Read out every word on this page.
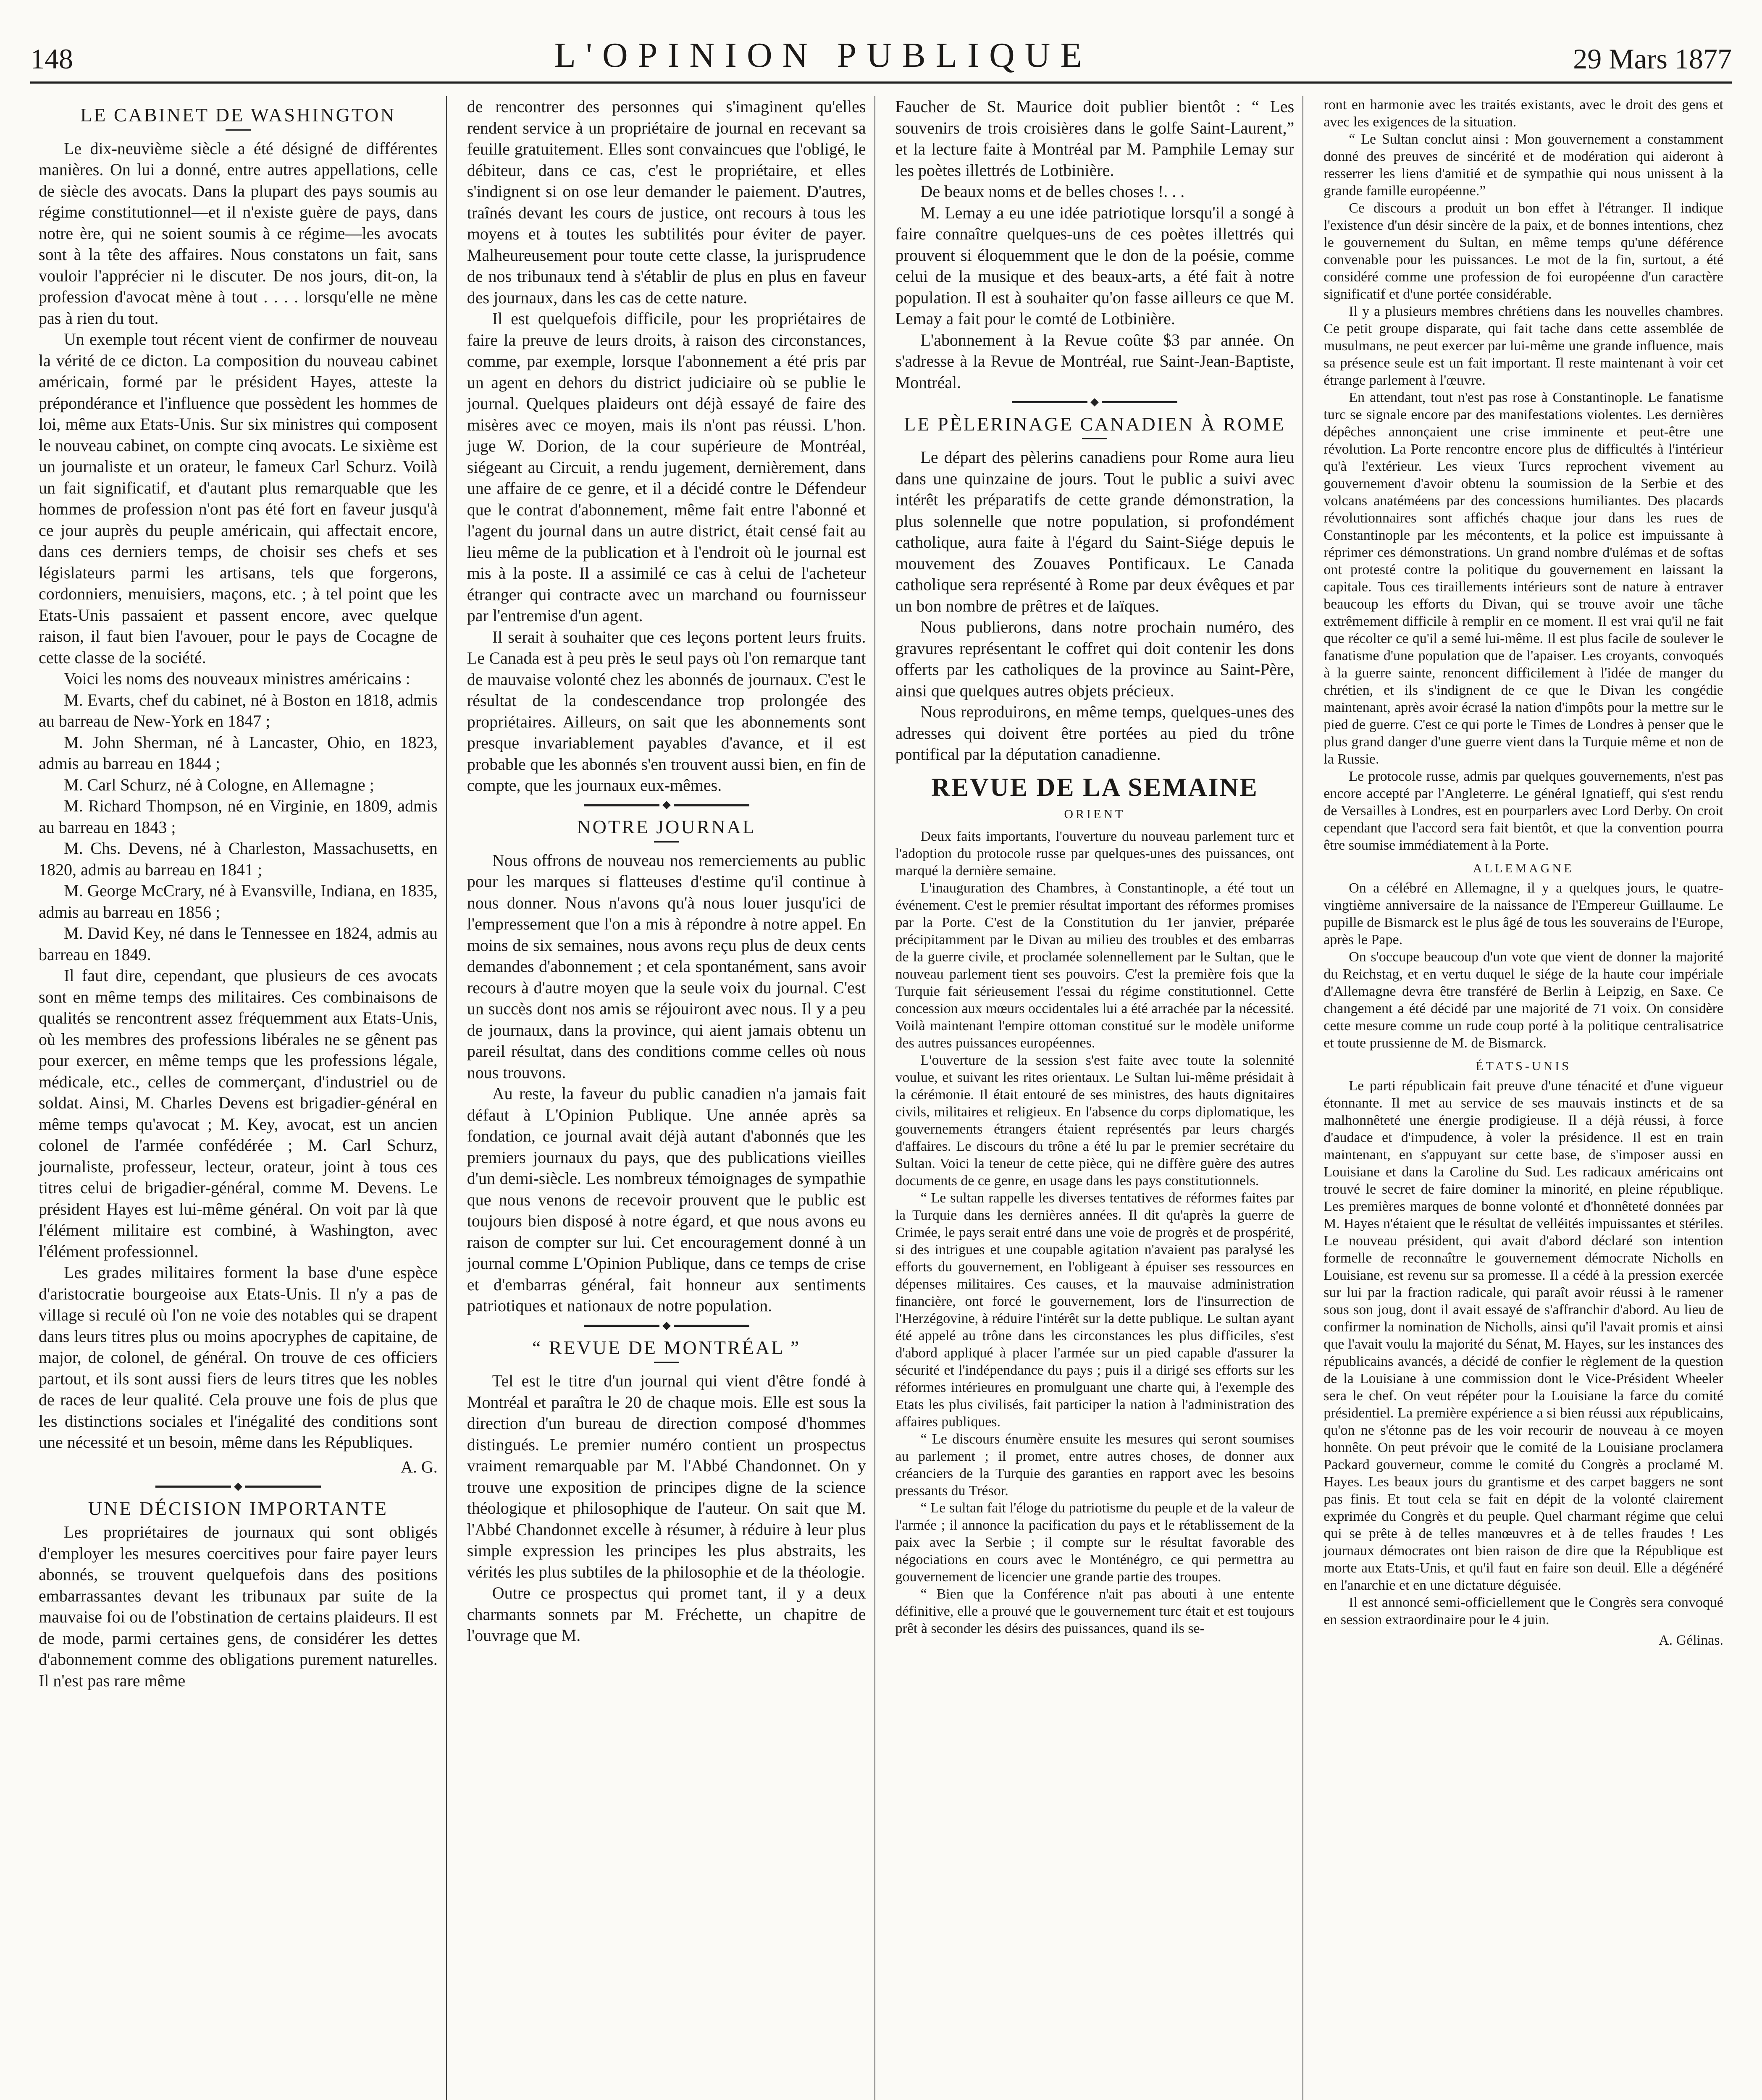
148	L'OPINION PUBLIQUE	29 Mars 1877
LE CABINET DE WASHINGTON

Le dix-neuvième siècle a été désigné de différentes manières. On lui a donné, entre autres appellations, celle de siècle des avocats. Dans la plupart des pays soumis au régime constitutionnel—et il n'existe guère de pays, dans notre ère, qui ne soient soumis à ce régime—les avocats sont à la tête des affaires. Nous constatons un fait, sans vouloir l'apprécier ni le discuter. De nos jours, dit-on, la profession d'avocat mène à tout . . . . lorsqu'elle ne mène pas à rien du tout.

Un exemple tout récent vient de confirmer de nouveau la vérité de ce dicton. La composition du nouveau cabinet américain, formé par le président Hayes, atteste la prépondérance et l'influence que possèdent les hommes de loi, même aux Etats-Unis. Sur six ministres qui composent le nouveau cabinet, on compte cinq avocats. Le sixième est un journaliste et un orateur, le fameux Carl Schurz. Voilà un fait significatif, et d'autant plus remarquable que les hommes de profession n'ont pas été fort en faveur jusqu'à ce jour auprès du peuple américain, qui affectait encore, dans ces derniers temps, de choisir ses chefs et ses législateurs parmi les artisans, tels que forgerons, cordonniers, menuisiers, maçons, etc. ; à tel point que les Etats-Unis passaient et passent encore, avec quelque raison, il faut bien l'avouer, pour le pays de Cocagne de cette classe de la société.

Voici les noms des nouveaux ministres américains :

M. Evarts, chef du cabinet, né à Boston en 1818, admis au barreau de New-York en 1847 ;

M. John Sherman, né à Lancaster, Ohio, en 1823, admis au barreau en 1844 ;

M. Carl Schurz, né à Cologne, en Allemagne ;

M. Richard Thompson, né en Virginie, en 1809, admis au barreau en 1843 ;

M. Chs. Devens, né à Charleston, Massachusetts, en 1820, admis au barreau en 1841 ;

M. George McCrary, né à Evansville, Indiana, en 1835, admis au barreau en 1856 ;

M. David Key, né dans le Tennessee en 1824, admis au barreau en 1849.

Il faut dire, cependant, que plusieurs de ces avocats sont en même temps des militaires. Ces combinaisons de qualités se rencontrent assez fréquemment aux Etats-Unis, où les membres des professions libérales ne se gênent pas pour exercer, en même temps que les professions légale, médicale, etc., celles de commerçant, d'industriel ou de soldat. Ainsi, M. Charles Devens est brigadier-général en même temps qu'avocat ; M. Key, avocat, est un ancien colonel de l'armée confédérée ; M. Carl Schurz, journaliste, professeur, lecteur, orateur, joint à tous ces titres celui de brigadier-général, comme M. Devens. Le président Hayes est lui-même général. On voit par là que l'élément militaire est combiné, à Washington, avec l'élément professionnel.

Les grades militaires forment la base d'une espèce d'aristocratie bourgeoise aux Etats-Unis. Il n'y a pas de village si reculé où l'on ne voie des notables qui se drapent dans leurs titres plus ou moins apocryphes de capitaine, de major, de colonel, de général. On trouve de ces officiers partout, et ils sont aussi fiers de leurs titres que les nobles de races de leur qualité. Cela prouve une fois de plus que les distinctions sociales et l'inégalité des conditions sont une nécessité et un besoin, même dans les Républiques.

A. G.
UNE DÉCISION IMPORTANTE

Les propriétaires de journaux qui sont obligés d'employer les mesures coercitives pour faire payer leurs abonnés, se trouvent quelquefois dans des positions embarrassantes devant les tribunaux par suite de la mauvaise foi ou de l'obstination de certains plaideurs. Il est de mode, parmi certaines gens, de considérer les dettes d'abonnement comme des obligations purement naturelles. Il n'est pas rare même

de rencontrer des personnes qui s'imaginent qu'elles rendent service à un propriétaire de journal en recevant sa feuille gratuitement. Elles sont convaincues que l'obligé, le débiteur, dans ce cas, c'est le propriétaire, et elles s'indignent si on ose leur demander le paiement. D'autres, traînés devant les cours de justice, ont recours à tous les moyens et à toutes les subtilités pour éviter de payer. Malheureusement pour toute cette classe, la jurisprudence de nos tribunaux tend à s'établir de plus en plus en faveur des journaux, dans les cas de cette nature.

Il est quelquefois difficile, pour les propriétaires de faire la preuve de leurs droits, à raison des circonstances, comme, par exemple, lorsque l'abonnement a été pris par un agent en dehors du district judiciaire où se publie le journal. Quelques plaideurs ont déjà essayé de faire des misères avec ce moyen, mais ils n'ont pas réussi. L'hon. juge W. Dorion, de la cour supérieure de Montréal, siégeant au Circuit, a rendu jugement, dernièrement, dans une affaire de ce genre, et il a décidé contre le Défendeur que le contrat d'abonnement, même fait entre l'abonné et l'agent du journal dans un autre district, était censé fait au lieu même de la publication et à l'endroit où le journal est mis à la poste. Il a assimilé ce cas à celui de l'acheteur étranger qui contracte avec un marchand ou fournisseur par l'entremise d'un agent.

Il serait à souhaiter que ces leçons portent leurs fruits. Le Canada est à peu près le seul pays où l'on remarque tant de mauvaise volonté chez les abonnés de journaux. C'est le résultat de la condescendance trop prolongée des propriétaires. Ailleurs, on sait que les abonnements sont presque invariablement payables d'avance, et il est probable que les abonnés s'en trouvent aussi bien, en fin de compte, que les journaux eux-mêmes.

NOTRE JOURNAL

Nous offrons de nouveau nos remerciements au public pour les marques si flatteuses d'estime qu'il continue à nous donner. Nous n'avons qu'à nous louer jusqu'ici de l'empressement que l'on a mis à répondre à notre appel. En moins de six semaines, nous avons reçu plus de deux cents demandes d'abonnement ; et cela spontanément, sans avoir recours à d'autre moyen que la seule voix du journal. C'est un succès dont nos amis se réjouiront avec nous. Il y a peu de journaux, dans la province, qui aient jamais obtenu un pareil résultat, dans des conditions comme celles où nous nous trouvons.

Au reste, la faveur du public canadien n'a jamais fait défaut à L'Opinion Publique. Une année après sa fondation, ce journal avait déjà autant d'abonnés que les premiers journaux du pays, que des publications vieilles d'un demi-siècle. Les nombreux témoignages de sympathie que nous venons de recevoir prouvent que le public est toujours bien disposé à notre égard, et que nous avons eu raison de compter sur lui. Cet encouragement donné à un journal comme L'Opinion Publique, dans ce temps de crise et d'embarras général, fait honneur aux sentiments patriotiques et nationaux de notre population.

“ REVUE DE MONTRÉAL ”

Tel est le titre d'un journal qui vient d'être fondé à Montréal et paraîtra le 20 de chaque mois. Elle est sous la direction d'un bureau de direction composé d'hommes distingués. Le premier numéro contient un prospectus vraiment remarquable par M. l'Abbé Chandonnet. On y trouve une exposition de principes digne de la science théologique et philosophique de l'auteur. On sait que M. l'Abbé Chandonnet excelle à résumer, à réduire à leur plus simple expression les principes les plus abstraits, les vérités les plus subtiles de la philosophie et de la théologie.

Outre ce prospectus qui promet tant, il y a deux charmants sonnets par M. Fréchette, un chapitre de l'ouvrage que M.

Faucher de St. Maurice doit publier bientôt : “ Les souvenirs de trois croisières dans le golfe Saint-Laurent,” et la lecture faite à Montréal par M. Pamphile Lemay sur les poètes illettrés de Lotbinière.

De beaux noms et de belles choses !. . .

M. Lemay a eu une idée patriotique lorsqu'il a songé à faire connaître quelques-uns de ces poètes illettrés qui prouvent si éloquemment que le don de la poésie, comme celui de la musique et des beaux-arts, a été fait à notre population. Il est à souhaiter qu'on fasse ailleurs ce que M. Lemay a fait pour le comté de Lotbinière.

L'abonnement à la Revue coûte $3 par année. On s'adresse à la Revue de Montréal, rue Saint-Jean-Baptiste, Montréal.

LE PÈLERINAGE CANADIEN À ROME

Le départ des pèlerins canadiens pour Rome aura lieu dans une quinzaine de jours. Tout le public a suivi avec intérêt les préparatifs de cette grande démonstration, la plus solennelle que notre population, si profondément catholique, aura faite à l'égard du Saint-Siége depuis le mouvement des Zouaves Pontificaux. Le Canada catholique sera représenté à Rome par deux évêques et par un bon nombre de prêtres et de laïques.

Nous publierons, dans notre prochain numéro, des gravures représentant le coffret qui doit contenir les dons offerts par les catholiques de la province au Saint-Père, ainsi que quelques autres objets précieux.

Nous reproduirons, en même temps, quelques-unes des adresses qui doivent être portées au pied du trône pontifical par la députation canadienne.

REVUE DE LA SEMAINE
ORIENT

Deux faits importants, l'ouverture du nouveau parlement turc et l'adoption du protocole russe par quelques-unes des puissances, ont marqué la dernière semaine.

L'inauguration des Chambres, à Constantinople, a été tout un événement. C'est le premier résultat important des réformes promises par la Porte. C'est de la Constitution du 1er janvier, préparée précipitamment par le Divan au milieu des troubles et des embarras de la guerre civile, et proclamée solennellement par le Sultan, que le nouveau parlement tient ses pouvoirs. C'est la première fois que la Turquie fait sérieusement l'essai du régime constitutionnel. Cette concession aux mœurs occidentales lui a été arrachée par la nécessité. Voilà maintenant l'empire ottoman constitué sur le modèle uniforme des autres puissances européennes.

L'ouverture de la session s'est faite avec toute la solennité voulue, et suivant les rites orientaux. Le Sultan lui-même présidait à la cérémonie. Il était entouré de ses ministres, des hauts dignitaires civils, militaires et religieux. En l'absence du corps diplomatique, les gouvernements étrangers étaient représentés par leurs chargés d'affaires. Le discours du trône a été lu par le premier secrétaire du Sultan. Voici la teneur de cette pièce, qui ne diffère guère des autres documents de ce genre, en usage dans les pays constitutionnels.

“ Le sultan rappelle les diverses tentatives de réformes faites par la Turquie dans les dernières années. Il dit qu'après la guerre de Crimée, le pays serait entré dans une voie de progrès et de prospérité, si des intrigues et une coupable agitation n'avaient pas paralysé les efforts du gouvernement, en l'obligeant à épuiser ses ressources en dépenses militaires. Ces causes, et la mauvaise administration financière, ont forcé le gouvernement, lors de l'insurrection de l'Herzégovine, à réduire l'intérêt sur la dette publique. Le sultan ayant été appelé au trône dans les circonstances les plus difficiles, s'est d'abord appliqué à placer l'armée sur un pied capable d'assurer la sécurité et l'indépendance du pays ; puis il a dirigé ses efforts sur les réformes intérieures en promulguant une charte qui, à l'exemple des Etats les plus civilisés, fait participer la nation à l'administration des affaires publiques.

“ Le discours énumère ensuite les mesures qui seront soumises au parlement ; il promet, entre autres choses, de donner aux créanciers de la Turquie des garanties en rapport avec les besoins pressants du Trésor.

“ Le sultan fait l'éloge du patriotisme du peuple et de la valeur de l'armée ; il annonce la pacification du pays et le rétablissement de la paix avec la Serbie ; il compte sur le résultat favorable des négociations en cours avec le Monténégro, ce qui permettra au gouvernement de licencier une grande partie des troupes.

“ Bien que la Conférence n'ait pas abouti à une entente définitive, elle a prouvé que le gouvernement turc était et est toujours prêt à seconder les désirs des puissances, quand ils se-

ront en harmonie avec les traités existants, avec le droit des gens et avec les exigences de la situation.

“ Le Sultan conclut ainsi : Mon gouvernement a constamment donné des preuves de sincérité et de modération qui aideront à resserrer les liens d'amitié et de sympathie qui nous unissent à la grande famille européenne.”

Ce discours a produit un bon effet à l'étranger. Il indique l'existence d'un désir sincère de la paix, et de bonnes intentions, chez le gouvernement du Sultan, en même temps qu'une déférence convenable pour les puissances. Le mot de la fin, surtout, a été considéré comme une profession de foi européenne d'un caractère significatif et d'une portée considérable.

Il y a plusieurs membres chrétiens dans les nouvelles chambres. Ce petit groupe disparate, qui fait tache dans cette assemblée de musulmans, ne peut exercer par lui-même une grande influence, mais sa présence seule est un fait important. Il reste maintenant à voir cet étrange parlement à l'œuvre.

En attendant, tout n'est pas rose à Constantinople. Le fanatisme turc se signale encore par des manifestations violentes. Les dernières dépêches annonçaient une crise imminente et peut-être une révolution. La Porte rencontre encore plus de difficultés à l'intérieur qu'à l'extérieur. Les vieux Turcs reprochent vivement au gouvernement d'avoir obtenu la soumission de la Serbie et des volcans anatéméens par des concessions humiliantes. Des placards révolutionnaires sont affichés chaque jour dans les rues de Constantinople par les mécontents, et la police est impuissante à réprimer ces démonstrations. Un grand nombre d'ulémas et de softas ont protesté contre la politique du gouvernement en laissant la capitale. Tous ces tiraillements intérieurs sont de nature à entraver beaucoup les efforts du Divan, qui se trouve avoir une tâche extrêmement difficile à remplir en ce moment. Il est vrai qu'il ne fait que récolter ce qu'il a semé lui-même. Il est plus facile de soulever le fanatisme d'une population que de l'apaiser. Les croyants, convoqués à la guerre sainte, renoncent difficilement à l'idée de manger du chrétien, et ils s'indignent de ce que le Divan les congédie maintenant, après avoir écrasé la nation d'impôts pour la mettre sur le pied de guerre. C'est ce qui porte le Times de Londres à penser que le plus grand danger d'une guerre vient dans la Turquie même et non de la Russie.

Le protocole russe, admis par quelques gouvernements, n'est pas encore accepté par l'Angleterre. Le général Ignatieff, qui s'est rendu de Versailles à Londres, est en pourparlers avec Lord Derby. On croit cependant que l'accord sera fait bientôt, et que la convention pourra être soumise immédiatement à la Porte.

ALLEMAGNE

On a célébré en Allemagne, il y a quelques jours, le quatre-vingtième anniversaire de la naissance de l'Empereur Guillaume. Le pupille de Bismarck est le plus âgé de tous les souverains de l'Europe, après le Pape.

On s'occupe beaucoup d'un vote que vient de donner la majorité du Reichstag, et en vertu duquel le siége de la haute cour impériale d'Allemagne devra être transféré de Berlin à Leipzig, en Saxe. Ce changement a été décidé par une majorité de 71 voix. On considère cette mesure comme un rude coup porté à la politique centralisatrice et toute prussienne de M. de Bismarck.

ÉTATS-UNIS

Le parti républicain fait preuve d'une ténacité et d'une vigueur étonnante. Il met au service de ses mauvais instincts et de sa malhonnêteté une énergie prodigieuse. Il a déjà réussi, à force d'audace et d'impudence, à voler la présidence. Il est en train maintenant, en s'appuyant sur cette base, de s'imposer aussi en Louisiane et dans la Caroline du Sud. Les radicaux américains ont trouvé le secret de faire dominer la minorité, en pleine république. Les premières marques de bonne volonté et d'honnêteté données par M. Hayes n'étaient que le résultat de velléités impuissantes et stériles. Le nouveau président, qui avait d'abord déclaré son intention formelle de reconnaître le gouvernement démocrate Nicholls en Louisiane, est revenu sur sa promesse. Il a cédé à la pression exercée sur lui par la fraction radicale, qui paraît avoir réussi à le ramener sous son joug, dont il avait essayé de s'affranchir d'abord. Au lieu de confirmer la nomination de Nicholls, ainsi qu'il l'avait promis et ainsi que l'avait voulu la majorité du Sénat, M. Hayes, sur les instances des républicains avancés, a décidé de confier le règlement de la question de la Louisiane à une commission dont le Vice-Président Wheeler sera le chef. On veut répéter pour la Louisiane la farce du comité présidentiel. La première expérience a si bien réussi aux républicains, qu'on ne s'étonne pas de les voir recourir de nouveau à ce moyen honnête. On peut prévoir que le comité de la Louisiane proclamera Packard gouverneur, comme le comité du Congrès a proclamé M. Hayes. Les beaux jours du grantisme et des carpet baggers ne sont pas finis. Et tout cela se fait en dépit de la volonté clairement exprimée du Congrès et du peuple. Quel charmant régime que celui qui se prête à de telles manœuvres et à de telles fraudes ! Les journaux démocrates ont bien raison de dire que la République est morte aux Etats-Unis, et qu'il faut en faire son deuil. Elle a dégénéré en l'anarchie et en une dictature déguisée.

Il est annoncé semi-officiellement que le Congrès sera convoqué en session extraordinaire pour le 4 juin.

A. Gélinas.
